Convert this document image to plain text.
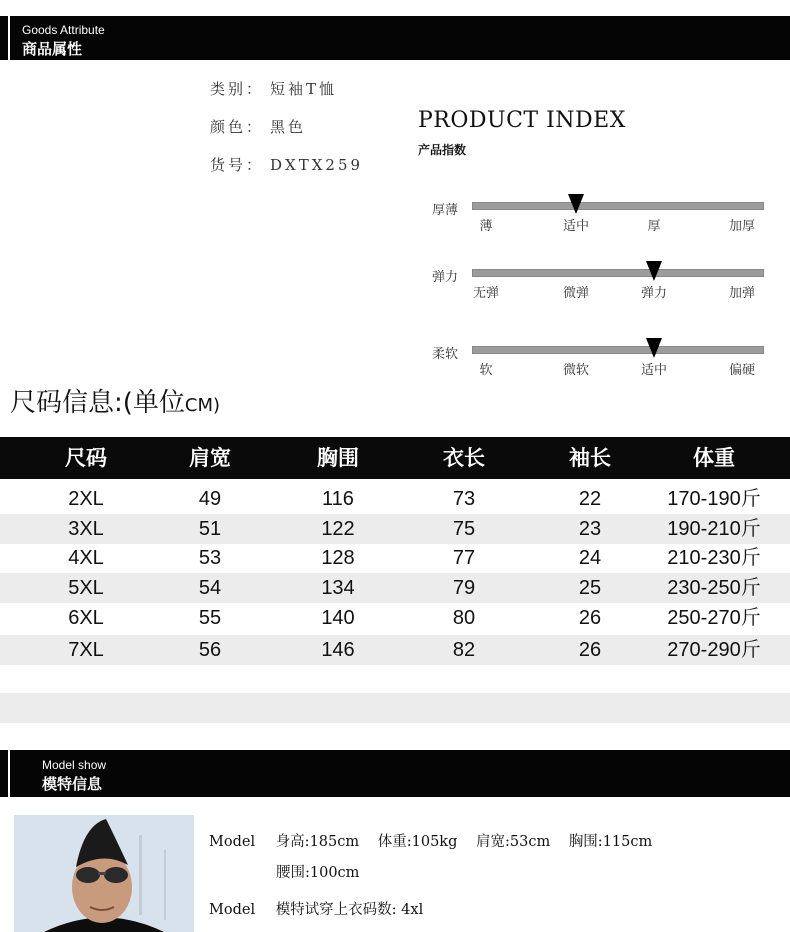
Goods Attribute
商品属性
类别： 短袖T恤
颜色： 黑色
货号： DXTX259
PRODUCT INDEX
产品指数
厚薄
薄	适中	厚	加厚
弹力
无弹	微弹	弹力	加弹
柔软
软	微软	适中	偏硬
尺码信息:(单位CM)
尺码	肩宽	胸围	衣长	袖长	体重
2XL	49	116	73	22	170-190斤
3XL	51	122	75	23	190-210斤
4XL	53	128	77	24	210-230斤
5XL	54	134	79	25	230-250斤
6XL	55	140	80	26	250-270斤
7XL	56	146	82	26	270-290斤
Model show
模特信息
Model 身高:185cm 体重:105kg 肩宽:53cm 胸围:115cm
腰围:100cm
Model 模特试穿上衣码数: 4xl
